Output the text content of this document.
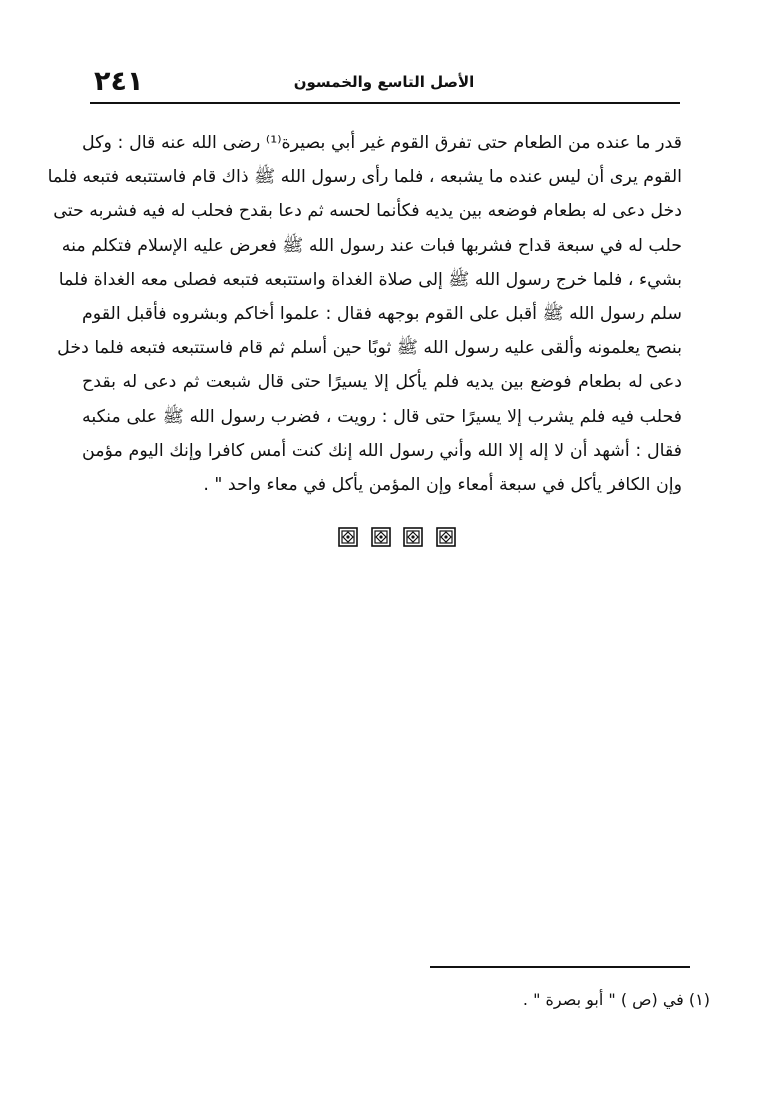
٢٤١	الأصل التاسع والخمسون
قدر ما عنده من الطعام حتى تفرق القوم غير أبي بصيرة⁽¹⁾ رضى الله عنه قال : وكل
القوم يرى أن ليس عنده ما يشبعه ، فلما رأى رسول الله ﷺ ذاك قام فاستتبعه فتبعه فلما
دخل دعى له بطعام فوضعه بين يديه فكأنما لحسه ثم دعا بقدح فحلب له فيه فشربه حتى
حلب له في سبعة قداح فشربها فبات عند رسول الله ﷺ فعرض عليه الإسلام فتكلم منه
بشيء ، فلما خرج رسول الله ﷺ إلى صلاة الغداة واستتبعه فتبعه فصلى معه الغداة فلما
سلم رسول الله ﷺ أقبل على القوم بوجهه فقال : علموا أخاكم وبشروه فأقبل القوم
بنصح يعلمونه وألقى عليه رسول الله ﷺ ثوبًا حين أسلم ثم قام فاستتبعه فتبعه فلما دخل
دعى له بطعام فوضع بين يديه فلم يأكل إلا يسيرًا حتى قال شبعت ثم دعى له بقدح
فحلب فيه فلم يشرب إلا يسيرًا حتى قال : رويت ، فضرب رسول الله ﷺ على منكبه
فقال : أشهد أن لا إله إلا الله وأني رسول الله إنك كنت أمس كافرا وإنك اليوم مؤمن
وإن الكافر يأكل في سبعة أمعاء وإن المؤمن يأكل في معاء واحد " .
(١) في (ص ) " أبو بصرة " .
